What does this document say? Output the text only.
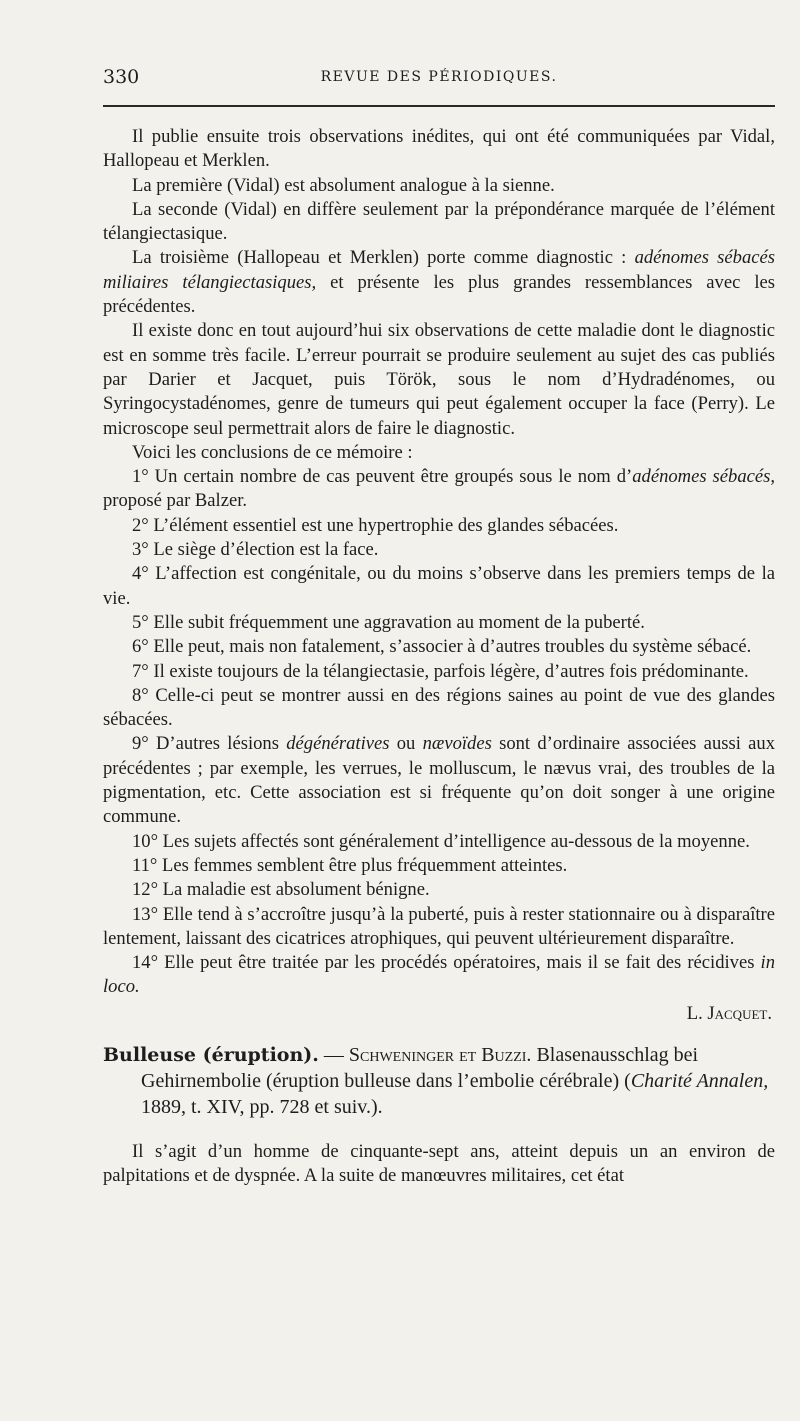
330	REVUE DES PÉRIODIQUES.

Il publie ensuite trois observations inédites, qui ont été communiquées par Vidal, Hallopeau et Merklen.

La première (Vidal) est absolument analogue à la sienne.

La seconde (Vidal) en diffère seulement par la prépondérance marquée de l’élément télangiectasique.

La troisième (Hallopeau et Merklen) porte comme diagnostic : adénomes sébacés miliaires télangiectasiques, et présente les plus grandes ressemblances avec les précédentes.

Il existe donc en tout aujourd’hui six observations de cette maladie dont le diagnostic est en somme très facile. L’erreur pourrait se produire seulement au sujet des cas publiés par Darier et Jacquet, puis Török, sous le nom d’Hydradénomes, ou Syringocystadénomes, genre de tumeurs qui peut également occuper la face (Perry). Le microscope seul permettrait alors de faire le diagnostic.

Voici les conclusions de ce mémoire :

1° Un certain nombre de cas peuvent être groupés sous le nom d’adénomes sébacés, proposé par Balzer.

2° L’élément essentiel est une hypertrophie des glandes sébacées.

3° Le siège d’élection est la face.

4° L’affection est congénitale, ou du moins s’observe dans les premiers temps de la vie.

5° Elle subit fréquemment une aggravation au moment de la puberté.

6° Elle peut, mais non fatalement, s’associer à d’autres troubles du système sébacé.

7° Il existe toujours de la télangiectasie, parfois légère, d’autres fois prédominante.

8° Celle-ci peut se montrer aussi en des régions saines au point de vue des glandes sébacées.

9° D’autres lésions dégénératives ou nævoïdes sont d’ordinaire associées aussi aux précédentes ; par exemple, les verrues, le molluscum, le nævus vrai, des troubles de la pigmentation, etc. Cette association est si fréquente qu’on doit songer à une origine commune.

10° Les sujets affectés sont généralement d’intelligence au-dessous de la moyenne.

11° Les femmes semblent être plus fréquemment atteintes.

12° La maladie est absolument bénigne.

13° Elle tend à s’accroître jusqu’à la puberté, puis à rester stationnaire ou à disparaître lentement, laissant des cicatrices atrophiques, qui peuvent ultérieurement disparaître.

14° Elle peut être traitée par les procédés opératoires, mais il se fait des récidives in loco.

L. Jacquet.

Bulleuse (éruption). — Schweninger et Buzzi. Blasenausschlag bei Gehirnembolie (éruption bulleuse dans l’embolie cérébrale) (Charité Annalen, 1889, t. XIV, pp. 728 et suiv.).

Il s’agit d’un homme de cinquante-sept ans, atteint depuis un an environ de palpitations et de dyspnée. A la suite de manœuvres militaires, cet état
